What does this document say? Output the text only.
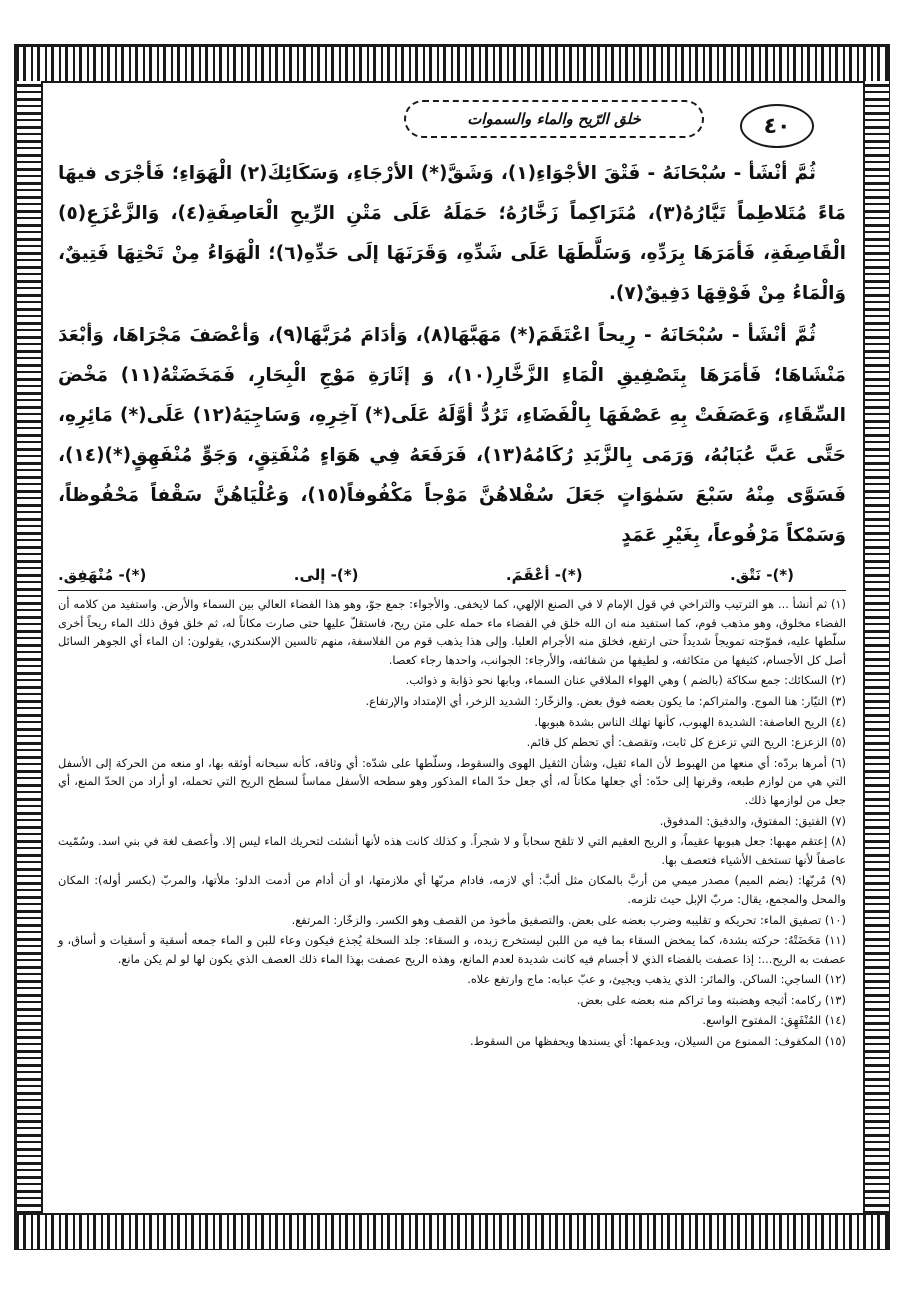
٤٠
خلق الرّيح والماء والسموات

ثُمَّ أنْشَأ - سُبْحَانَهُ - فَتْقَ الأجْوَاءِ(١)، وَشَقَّ(*) الأرْجَاءِ، وَسَكَائِكَ(٢) الْهَوَاءِ؛ فَأجْرَى فيهَا مَاءً مُتَلاطِماً تَيَّارُهُ(٣)، مُتَرَاكِماً زَخَّارُهُ؛ حَمَلَهُ عَلَى مَتْنِ الرِّيحِ الْعَاصِفَةِ(٤)، وَالزَّعْزَعِ(٥) الْقَاصِفَةِ، فَأمَرَهَا بِرَدِّهِ، وَسَلَّطَهَا عَلَى شَدِّهِ، وَقَرَنَهَا إلَى حَدِّهِ(٦)؛ الْهَوَاءُ مِنْ تَحْتِهَا فَتِيقٌ، وَالْمَاءُ مِنْ فَوْقِهَا دَفِيقٌ(٧).

ثُمَّ أنْشَأ - سُبْحَانَهُ - رِيحاً اعْتَقَمَ(*) مَهَبَّهَا(٨)، وَأدَامَ مُرَبَّهَا(٩)، وَأعْصَفَ مَجْرَاهَا، وَأبْعَدَ مَنْشَاهَا؛ فَأمَرَهَا بِتَصْفِيقِ الْمَاءِ الزَّخَّارِ(١٠)، وَ إثَارَةِ مَوْجِ الْبِحَارِ، فَمَخَضَتْهُ(١١) مَخْضَ السِّقَاءِ، وَعَصَفَتْ بِهِ عَصْفَهَا بِالْفَضَاءِ، تَرُدُّ أوَّلَهُ عَلَى(*) آخِرِهِ، وَسَاجِيَهُ(١٢) عَلَى(*) مَائِرِهِ، حَتَّى عَبَّ عُبَابُهُ، وَرَمَى بِالزَّبَدِ رُكَامُهُ(١٣)، فَرَفَعَهُ فِي هَوَاءٍ مُنْفَتِقٍ، وَجَوٍّ مُنْفَهِقٍ(*)(١٤)، فَسَوَّى مِنْهُ سَبْعَ سَمٰوَاتٍ جَعَلَ سُفْلاهُنَّ مَوْجاً مَكْفُوفاً(١٥)، وَعُلْيَاهُنَّ سَقْفاً مَحْفُوظاً، وَسَمْكاً مَرْفُوعاً، بِغَيْرِ عَمَدٍ

(*)- نَتْق.
(*)- أعْقَمَ.
(*)- إلى.
(*)- مُنْهَفِق.

(١) ثم أنشأ ... هو الترتيب والتراخي في قول الإمام لا في الصنع الإلهي، كما لايخفى. والأجواء: جمع جوّ، وهو هذا الفضاء العالي بين السماء والأرض. واستفيد من كلامه أن الفضاء مخلوق، وهو مذهب قوم، كما استفيد منه ان الله خلق في الفضاء ماء حمله على متن ريح، فاستقلّ عليها حتى صارت مكاناً له، ثم خلق فوق ذلك الماء ريحاً أخرى سلّطها عليه، فموّجته تمويجاً شديداً حتى ارتفع، فخلق منه الأجرام العليا. وإلى هذا يذهب قوم من الفلاسفة، منهم تالسين الإسكندري، يقولون: ان الماء أي الجوهر السائل أصل كل الأجسام، كثيفها من متكاثفه، و لطيفها من شفائفه، والأرجاء: الجوانب، واحدها رجاء كعصا.

(٢) السكائك: جمع سكاكة (بالضم ) وهي الهواء الملاقي عنان السماء، وبابها نحو ذؤابة و ذوائب.

(٣) التيّار: هنا الموج. والمتراكم: ما يكون بعضه فوق بعض. والزخّار: الشديد الزخر، أي الإمتداد والإرتفاع.

(٤) الريح العاصفة: الشديدة الهبوب، كأنها تهلك الناس بشدة هبوبها.

(٥) الزعزع: الريح التي تزعزع كل ثابت، وتقصف: أي تحطم كل قائم.

(٦) أمرها بردّه: أي منعها من الهبوط لأن الماء ثقيل، وشأن الثقيل الهوى والسقوط، وسلّطها على شدّه: أي وثاقه، كأنه سبحانه أوثقه بها، او منعه من الحركة إلى الأسفل التي هي من لوازم طبعه، وقرنها إلى حدّه: أي جعلها مكاناً له، أي جعل حدّ الماء المذكور وهو سطحه الأسفل مماساً لسطح الريح التي تحمله، او أراد من الحدّ المنع، أي جعل من لوازمها ذلك.

(٧) الفتيق: المفتوق، والدفيق: المدفوق.

(٨) إعتقم مهبها: جعل هبوبها عقيماً، و الريح العقيم التي لا تلقح سحاباً و لا شجراً. و كذلك كانت هذه لأنها أنشئت لتحريك الماء ليس إلا. وأعصف لغة في بني اسد. وسُمّيت عاصفاً لأنها تستخف الأشياء فتعصف بها.

(٩) مُربّها: (بضم الميم) مصدر ميمي من أربَّ بالمكان مثل ألبَّ: أي لازمه، فادام مربّها أي ملازمتها، او أن أدام من أدمت الدلو: ملأتها، والمربّ (بكسر أوله): المكان والمحل والمجمع، يقال: مربّ الإبل حيث تلزمه.

(١٠) تصفيق الماء: تحريكه و تقليبه وضرب بعضه على بعض. والتصفيق مأخوذ من القصف وهو الكسر. والزخّار: المرتفع.

(١١) مَخَضَتْهُ: حركته بشدة، كما يمخض السقاء بما فيه من اللبن ليستخرج زبده، و السقاء: جلد السخلة يُجذع فيكون وعاء للبن و الماء جمعه أسقية و أسقيات و أساق، و عصفت به الريح...: إذا عصفت بالفضاء الذي لا أجسام فيه كانت شديدة لعدم المانع، وهذه الريح عصفت بهذا الماء ذلك العصف الذي يكون لها لو لم يكن مانع.

(١٢) الساجي: الساكن. والمائر: الذي يذهب ويجيئ، و عبّ عبابه: ماج وارتفع علاه.

(١٣) ركامه: أثبجه وهضبته وما تراكم منه بعضه على بعض.

(١٤) المُنْفَهِق: المفتوح الواسع.

(١٥) المكفوف: الممنوع من السيلان، ويدعمها: أي يسندها ويحفظها من السقوط.
